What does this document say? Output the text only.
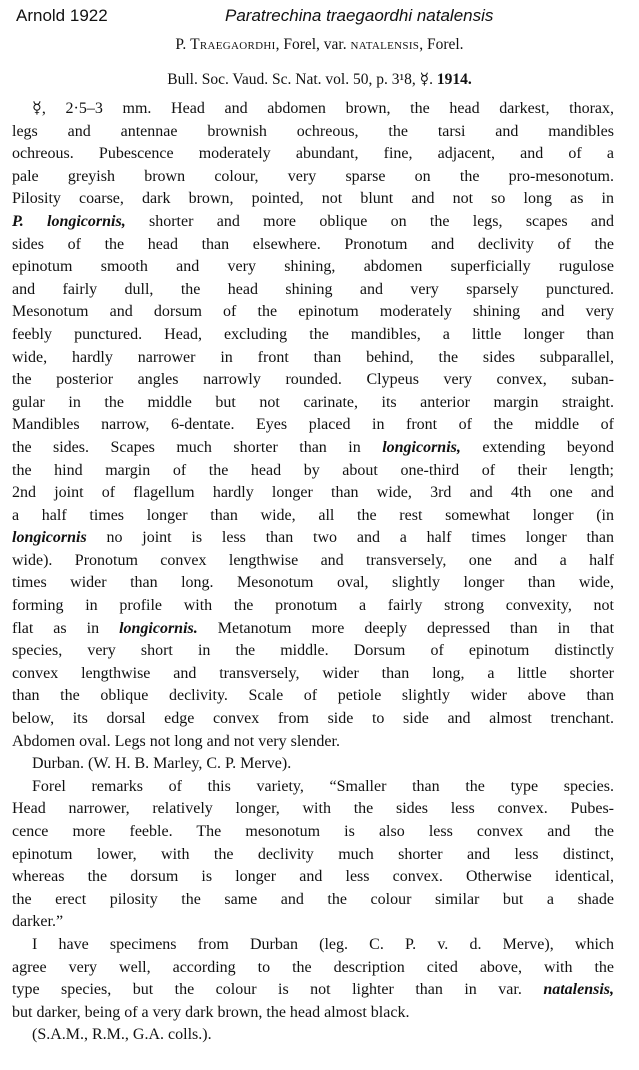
Arnold 1922	Paratrechina traegaordhi natalensis
P. Traegaordhi, Forel, var. natalensis, Forel.
Bull. Soc. Vaud. Sc. Nat. vol. 50, p. 3¹8, ☿. 1914.
☿, 2·5–3 mm. Head and abdomen brown, the head darkest, thorax,
legs and antennae brownish ochreous, the tarsi and mandibles
ochreous. Pubescence moderately abundant, fine, adjacent, and of a
pale greyish brown colour, very sparse on the pro-mesonotum.
Pilosity coarse, dark brown, pointed, not blunt and not so long as in
P. longicornis, shorter and more oblique on the legs, scapes and
sides of the head than elsewhere. Pronotum and declivity of the
epinotum smooth and very shining, abdomen superficially rugulose
and fairly dull, the head shining and very sparsely punctured.
Mesonotum and dorsum of the epinotum moderately shining and very
feebly punctured. Head, excluding the mandibles, a little longer than
wide, hardly narrower in front than behind, the sides subparallel,
the posterior angles narrowly rounded. Clypeus very convex, suban-
gular in the middle but not carinate, its anterior margin straight.
Mandibles narrow, 6-dentate. Eyes placed in front of the middle of
the sides. Scapes much shorter than in longicornis, extending beyond
the hind margin of the head by about one-third of their length;
2nd joint of flagellum hardly longer than wide, 3rd and 4th one and
a half times longer than wide, all the rest somewhat longer (in
longicornis no joint is less than two and a half times longer than
wide). Pronotum convex lengthwise and transversely, one and a half
times wider than long. Mesonotum oval, slightly longer than wide,
forming in profile with the pronotum a fairly strong convexity, not
flat as in longicornis. Metanotum more deeply depressed than in that
species, very short in the middle. Dorsum of epinotum distinctly
convex lengthwise and transversely, wider than long, a little shorter
than the oblique declivity. Scale of petiole slightly wider above than
below, its dorsal edge convex from side to side and almost trenchant.
Abdomen oval. Legs not long and not very slender.
Durban. (W. H. B. Marley, C. P. Merve).
Forel remarks of this variety, “Smaller than the type species.
Head narrower, relatively longer, with the sides less convex. Pubes-
cence more feeble. The mesonotum is also less convex and the
epinotum lower, with the declivity much shorter and less distinct,
whereas the dorsum is longer and less convex. Otherwise identical,
the erect pilosity the same and the colour similar but a shade
darker.”
I have specimens from Durban (leg. C. P. v. d. Merve), which
agree very well, according to the description cited above, with the
type species, but the colour is not lighter than in var. natalensis,
but darker, being of a very dark brown, the head almost black.
(S.A.M., R.M., G.A. colls.).
